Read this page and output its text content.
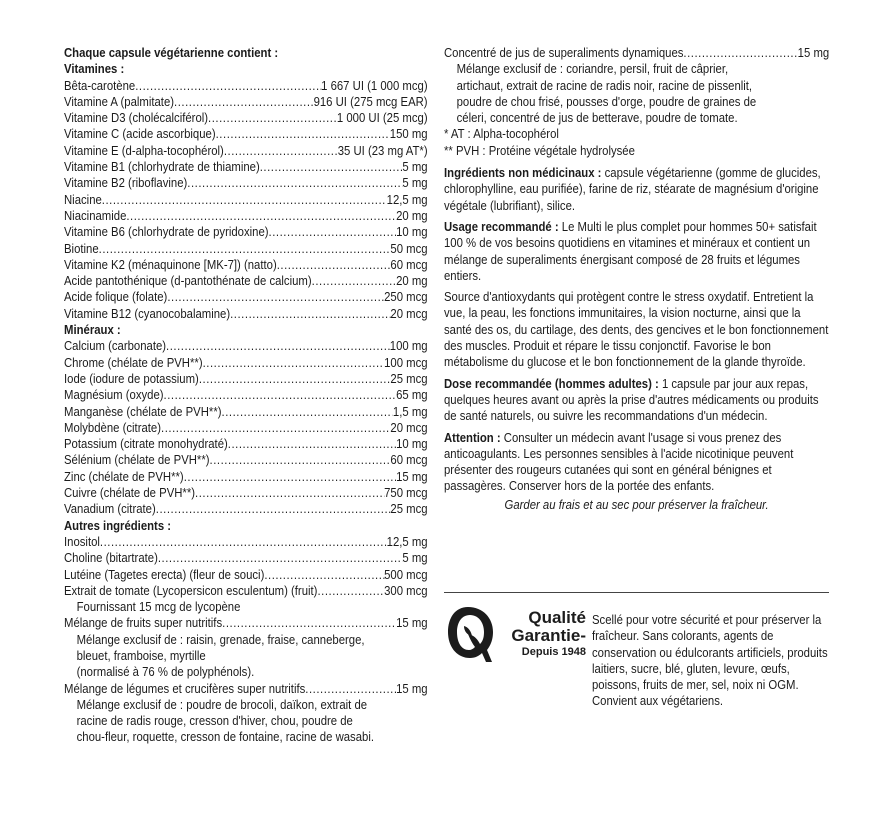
Chaque capsule végétarienne contient :
Vitamines :
Bêta-carotène .....	1 667 UI (1 000 mcg)
Vitamine A (palmitate) .....	916 UI (275 mcg EAR)
Vitamine D3 (cholécalciférol) .....	1 000 UI (25 mcg)
Vitamine C (acide ascorbique) .....	150 mg
Vitamine E (d-alpha-tocophérol) .....	35 UI (23 mg AT*)
Vitamine B1 (chlorhydrate de thiamine) .....	5 mg
Vitamine B2 (riboflavine) .....	5 mg
Niacine .....	12,5 mg
Niacinamide .....	20 mg
Vitamine B6 (chlorhydrate de pyridoxine) .....	10 mg
Biotine .....	50 mcg
Vitamine K2 (ménaquinone [MK-7]) (natto) .....	60 mcg
Acide pantothénique (d-pantothénate de calcium) .....	20 mg
Acide folique (folate) .....	250 mcg
Vitamine B12 (cyanocobalamine) .....	20 mcg
Minéraux :
Calcium (carbonate) .....	100 mg
Chrome (chélate de PVH**) .....	100 mcg
Iode (iodure de potassium) .....	25 mcg
Magnésium (oxyde) .....	65 mg
Manganèse (chélate de PVH**) .....	1,5 mg
Molybdène (citrate) .....	20 mcg
Potassium (citrate monohydraté) .....	10 mg
Sélénium (chélate de PVH**) .....	60 mcg
Zinc (chélate de PVH**) .....	15 mg
Cuivre (chélate de PVH**) .....	750 mcg
Vanadium (citrate) .....	25 mcg
Autres ingrédients :
Inositol .....	12,5 mg
Choline (bitartrate) .....	5 mg
Lutéine (Tagetes erecta) (fleur de souci) .....	500 mcg
Extrait de tomate (Lycopersicon esculentum) (fruit) .....	300 mcg
Fournissant 15 mcg de lycopène
Mélange de fruits super nutritifs .....	15 mg
Mélange exclusif de : raisin, grenade, fraise, canneberge,
bleuet, framboise, myrtille
(normalisé à 76 % de polyphénols).
Mélange de légumes et crucifères super nutritifs .....	15 mg
Mélange exclusif de : poudre de brocoli, daïkon, extrait de
racine de radis rouge, cresson d'hiver, chou, poudre de
chou-fleur, roquette, cresson de fontaine, racine de wasabi.
Concentré de jus de superaliments dynamiques .....	15 mg
Mélange exclusif de : coriandre, persil, fruit de câprier,
artichaut, extrait de racine de radis noir, racine de pissenlit,
poudre de chou frisé, pousses d'orge, poudre de graines de
céleri, concentré de jus de betterave, poudre de tomate.
* AT : Alpha-tocophérol
** PVH : Protéine végétale hydrolysée

Ingrédients non médicinaux : capsule végétarienne (gomme de glucides, chlorophylline, eau purifiée), farine de riz, stéarate de magnésium d'origine végétale (lubrifiant), silice.

Usage recommandé : Le Multi le plus complet pour hommes 50+ satisfait 100 % de vos besoins quotidiens en vitamines et minéraux et contient un mélange de superaliments énergisant composé de 28 fruits et légumes entiers.

Source d'antioxydants qui protègent contre le stress oxydatif. Entretient la vue, la peau, les fonctions immunitaires, la vision nocturne, ainsi que la santé des os, du cartilage, des dents, des gencives et le bon fonctionnement des muscles. Produit et répare le tissu conjonctif. Favorise le bon métabolisme du glucose et le bon fonctionnement de la glande thyroïde.

Dose recommandée (hommes adultes) : 1 capsule par jour aux repas, quelques heures avant ou après la prise d'autres médicaments ou produits de santé naturels, ou suivre les recommandations d'un médecin.

Attention : Consulter un médecin avant l'usage si vous prenez des anticoagulants. Les personnes sensibles à l'acide nicotinique peuvent présenter des rougeurs cutanées qui sont en général bénignes et passagères. Conserver hors de la portée des enfants.

Garder au frais et au sec pour préserver la fraîcheur.
Qualité
Garantie-
Depuis 1948
Scellé pour votre sécurité et pour préserver la fraîcheur. Sans colorants, agents de conservation ou édulcorants artificiels, produits laitiers, sucre, blé, gluten, levure, œufs, poissons, fruits de mer, sel, noix ni OGM. Convient aux végétariens.
